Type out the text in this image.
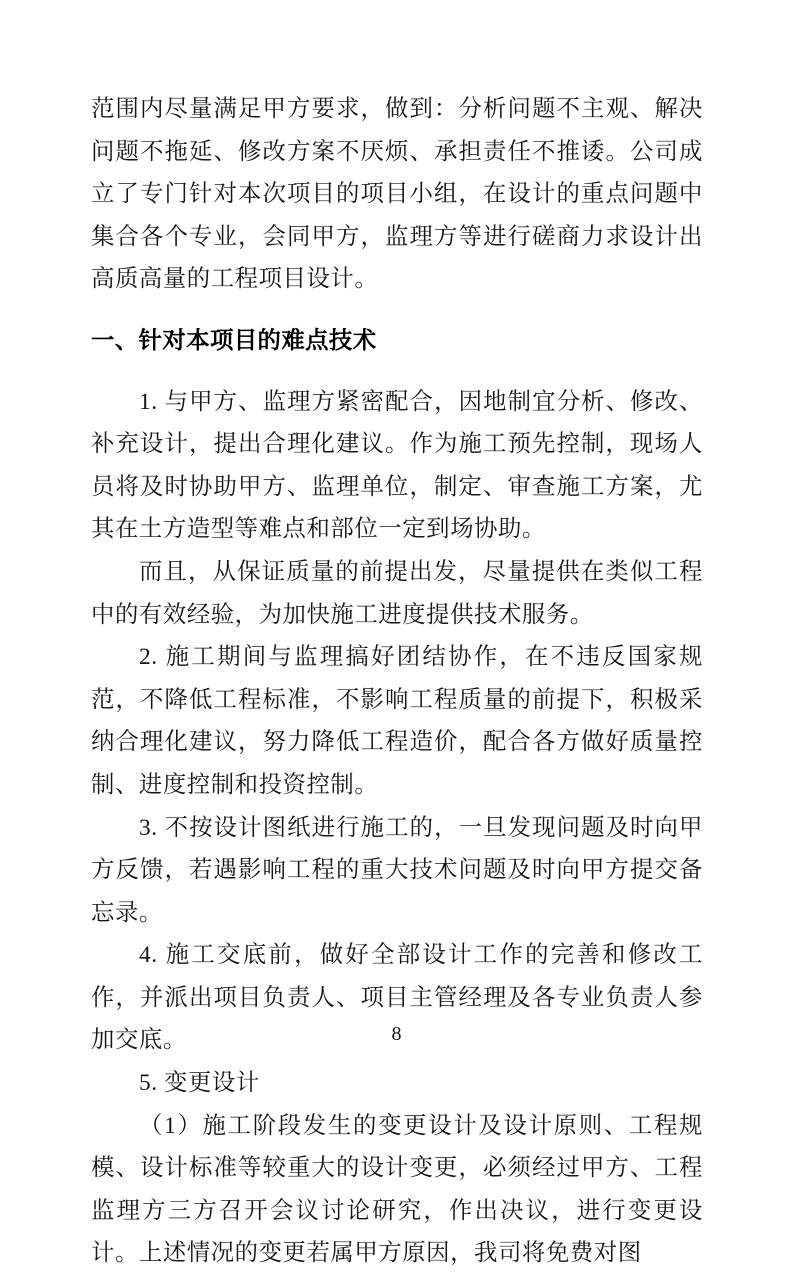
范围内尽量满足甲方要求，做到：分析问题不主观、解决问题不拖延、修改方案不厌烦、承担责任不推诿。公司成立了专门针对本次项目的项目小组，在设计的重点问题中集合各个专业，会同甲方，监理方等进行磋商力求设计出高质高量的工程项目设计。

一、针对本项目的难点技术

1. 与甲方、监理方紧密配合，因地制宜分析、修改、补充设计，提出合理化建议。作为施工预先控制，现场人员将及时协助甲方、监理单位，制定、审查施工方案，尤其在土方造型等难点和部位一定到场协助。

而且，从保证质量的前提出发，尽量提供在类似工程中的有效经验，为加快施工进度提供技术服务。

2. 施工期间与监理搞好团结协作，在不违反国家规范，不降低工程标准，不影响工程质量的前提下，积极采纳合理化建议，努力降低工程造价，配合各方做好质量控制、进度控制和投资控制。

3. 不按设计图纸进行施工的，一旦发现问题及时向甲方反馈，若遇影响工程的重大技术问题及时向甲方提交备忘录。

4. 施工交底前，做好全部设计工作的完善和修改工作，并派出项目负责人、项目主管经理及各专业负责人参加交底。

5. 变更设计

（1）施工阶段发生的变更设计及设计原则、工程规模、设计标准等较重大的设计变更，必须经过甲方、工程监理方三方召开会议讨论研究，作出决议，进行变更设计。上述情况的变更若属甲方原因，我司将免费对图

8
